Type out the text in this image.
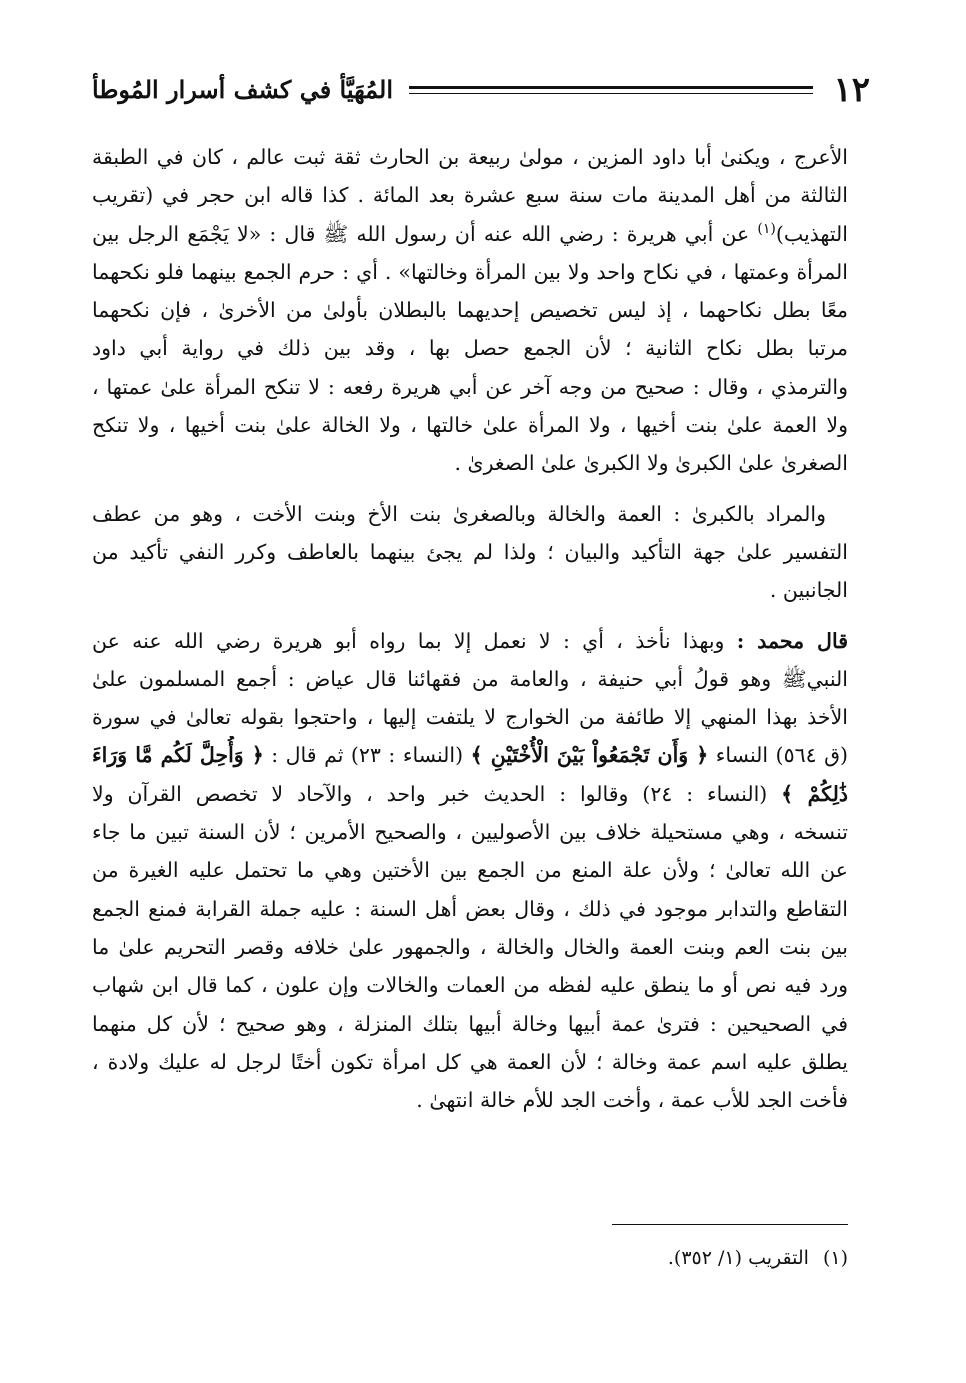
١٢
المُهَيَّأ في كشف أسرار المُوطأ
الأعرج ، ويكنىٰ أبا داود المزين ، مولىٰ ربيعة بن الحارث ثقة ثبت عالم ، كان في الطبقة
الثالثة من أهل المدينة مات سنة سبع عشرة بعد المائة . كذا قاله ابن حجر في (تقريب
التهذيب)$^{(١)}$ عن أبي هريرة : رضي الله عنه أن رسول الله ﷺ قال : «لا يَجْمَع الرجل بين
المرأة وعمتها ، في نكاح واحد ولا بين المرأة وخالتها» . أي : حرم الجمع بينهما فلو نكحهما
معًا بطل نكاحهما ، إذ ليس تخصيص إحديهما بالبطلان بأولىٰ من الأخرىٰ ، فإن نكحهما
مرتبا بطل نكاح الثانية ؛ لأن الجمع حصل بها ، وقد بين ذلك في رواية أبي داود
والترمذي ، وقال : صحيح من وجه آخر عن أبي هريرة رفعه : لا تنكح المرأة علىٰ عمتها ،
ولا العمة علىٰ بنت أخيها ، ولا المرأة علىٰ خالتها ، ولا الخالة علىٰ بنت أخيها ، ولا تنكح
الصغرىٰ علىٰ الكبرىٰ ولا الكبرىٰ علىٰ الصغرىٰ .
والمراد بالكبرىٰ : العمة والخالة وبالصغرىٰ بنت الأخ وبنت الأخت ، وهو من عطف
التفسير علىٰ جهة التأكيد والبيان ؛ ولذا لم يجئ بينهما بالعاطف وكرر النفي تأكيد من
الجانبين .
قال محمد : وبهذا نأخذ ، أي : لا نعمل إلا بما رواه أبو هريرة رضي الله عنه عن
النبيﷺ وهو قولُ أبي حنيفة ، والعامة من فقهائنا قال عياض : أجمع المسلمون علىٰ
الأخذ بهذا المنهي إلا طائفة من الخوارج لا يلتفت إليها ، واحتجوا بقوله تعالىٰ في سورة
(ق ٥٦٤) النساء ﴿ وَأَن تَجْمَعُواْ بَيْنَ الْأُخْتَيْنِ ﴾ (النساء : ٢٣) ثم قال : ﴿ وَأُحِلَّ لَكُم مَّا وَرَاءَ
ذَٰلِكُمْ ﴾ (النساء : ٢٤) وقالوا : الحديث خبر واحد ، والآحاد لا تخصص القرآن ولا
تنسخه ، وهي مستحيلة خلاف بين الأصوليين ، والصحيح الأمرين ؛ لأن السنة تبين ما جاء
عن الله تعالىٰ ؛ ولأن علة المنع من الجمع بين الأختين وهي ما تحتمل عليه الغيرة من
التقاطع والتدابر موجود في ذلك ، وقال بعض أهل السنة : عليه جملة القرابة فمنع الجمع
بين بنت العم وبنت العمة والخال والخالة ، والجمهور علىٰ خلافه وقصر التحريم علىٰ ما
ورد فيه نص أو ما ينطق عليه لفظه من العمات والخالات وإن علون ، كما قال ابن شهاب
في الصحيحين : فترىٰ عمة أبيها وخالة أبيها بتلك المنزلة ، وهو صحيح ؛ لأن كل منهما
يطلق عليه اسم عمة وخالة ؛ لأن العمة هي كل امرأة تكون أختًا لرجل له عليك ولادة ،
فأخت الجد للأب عمة ، وأخت الجد للأم خالة انتهىٰ .
(١)التقريب (١/ ٣٥٢).
